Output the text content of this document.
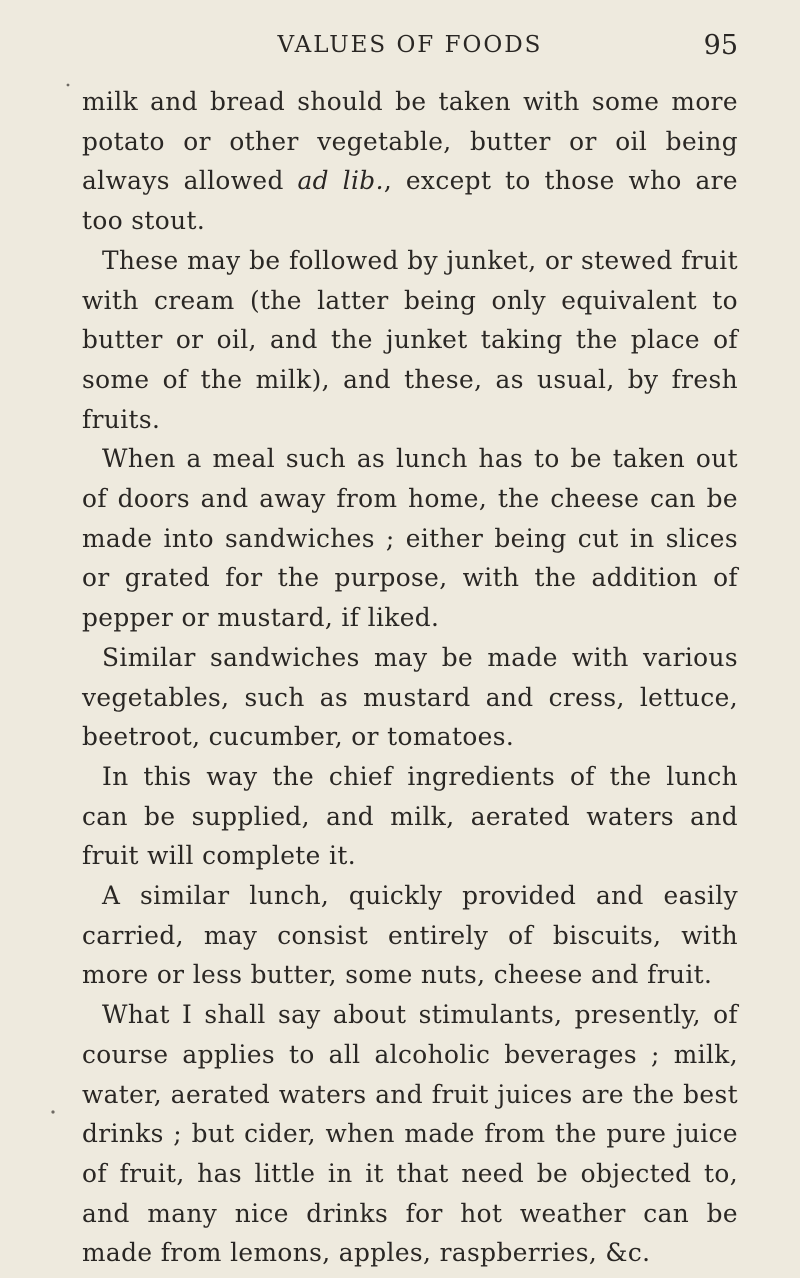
VALUES OF FOODS	95

milk and bread should be taken with some more potato or other vegetable, butter or oil being always allowed ad lib., except to those who are too stout.

These may be followed by junket, or stewed fruit with cream (the latter being only equivalent to butter or oil, and the junket taking the place of some of the milk), and these, as usual, by fresh fruits.

When a meal such as lunch has to be taken out of doors and away from home, the cheese can be made into sandwiches ; either being cut in slices or grated for the purpose, with the addition of pepper or mustard, if liked.

Similar sandwiches may be made with various vegetables, such as mustard and cress, lettuce, beetroot, cucumber, or tomatoes.

In this way the chief ingredients of the lunch can be supplied, and milk, aerated waters and fruit will complete it.

A similar lunch, quickly provided and easily carried, may consist entirely of biscuits, with more or less butter, some nuts, cheese and fruit.

What I shall say about stimulants, presently, of course applies to all alcoholic beverages ; milk, water, aerated waters and fruit juices are the best drinks ; but cider, when made from the pure juice of fruit, has little in it that need be objected to, and many nice drinks for hot weather can be made from lemons, apples, raspberries, &c.
